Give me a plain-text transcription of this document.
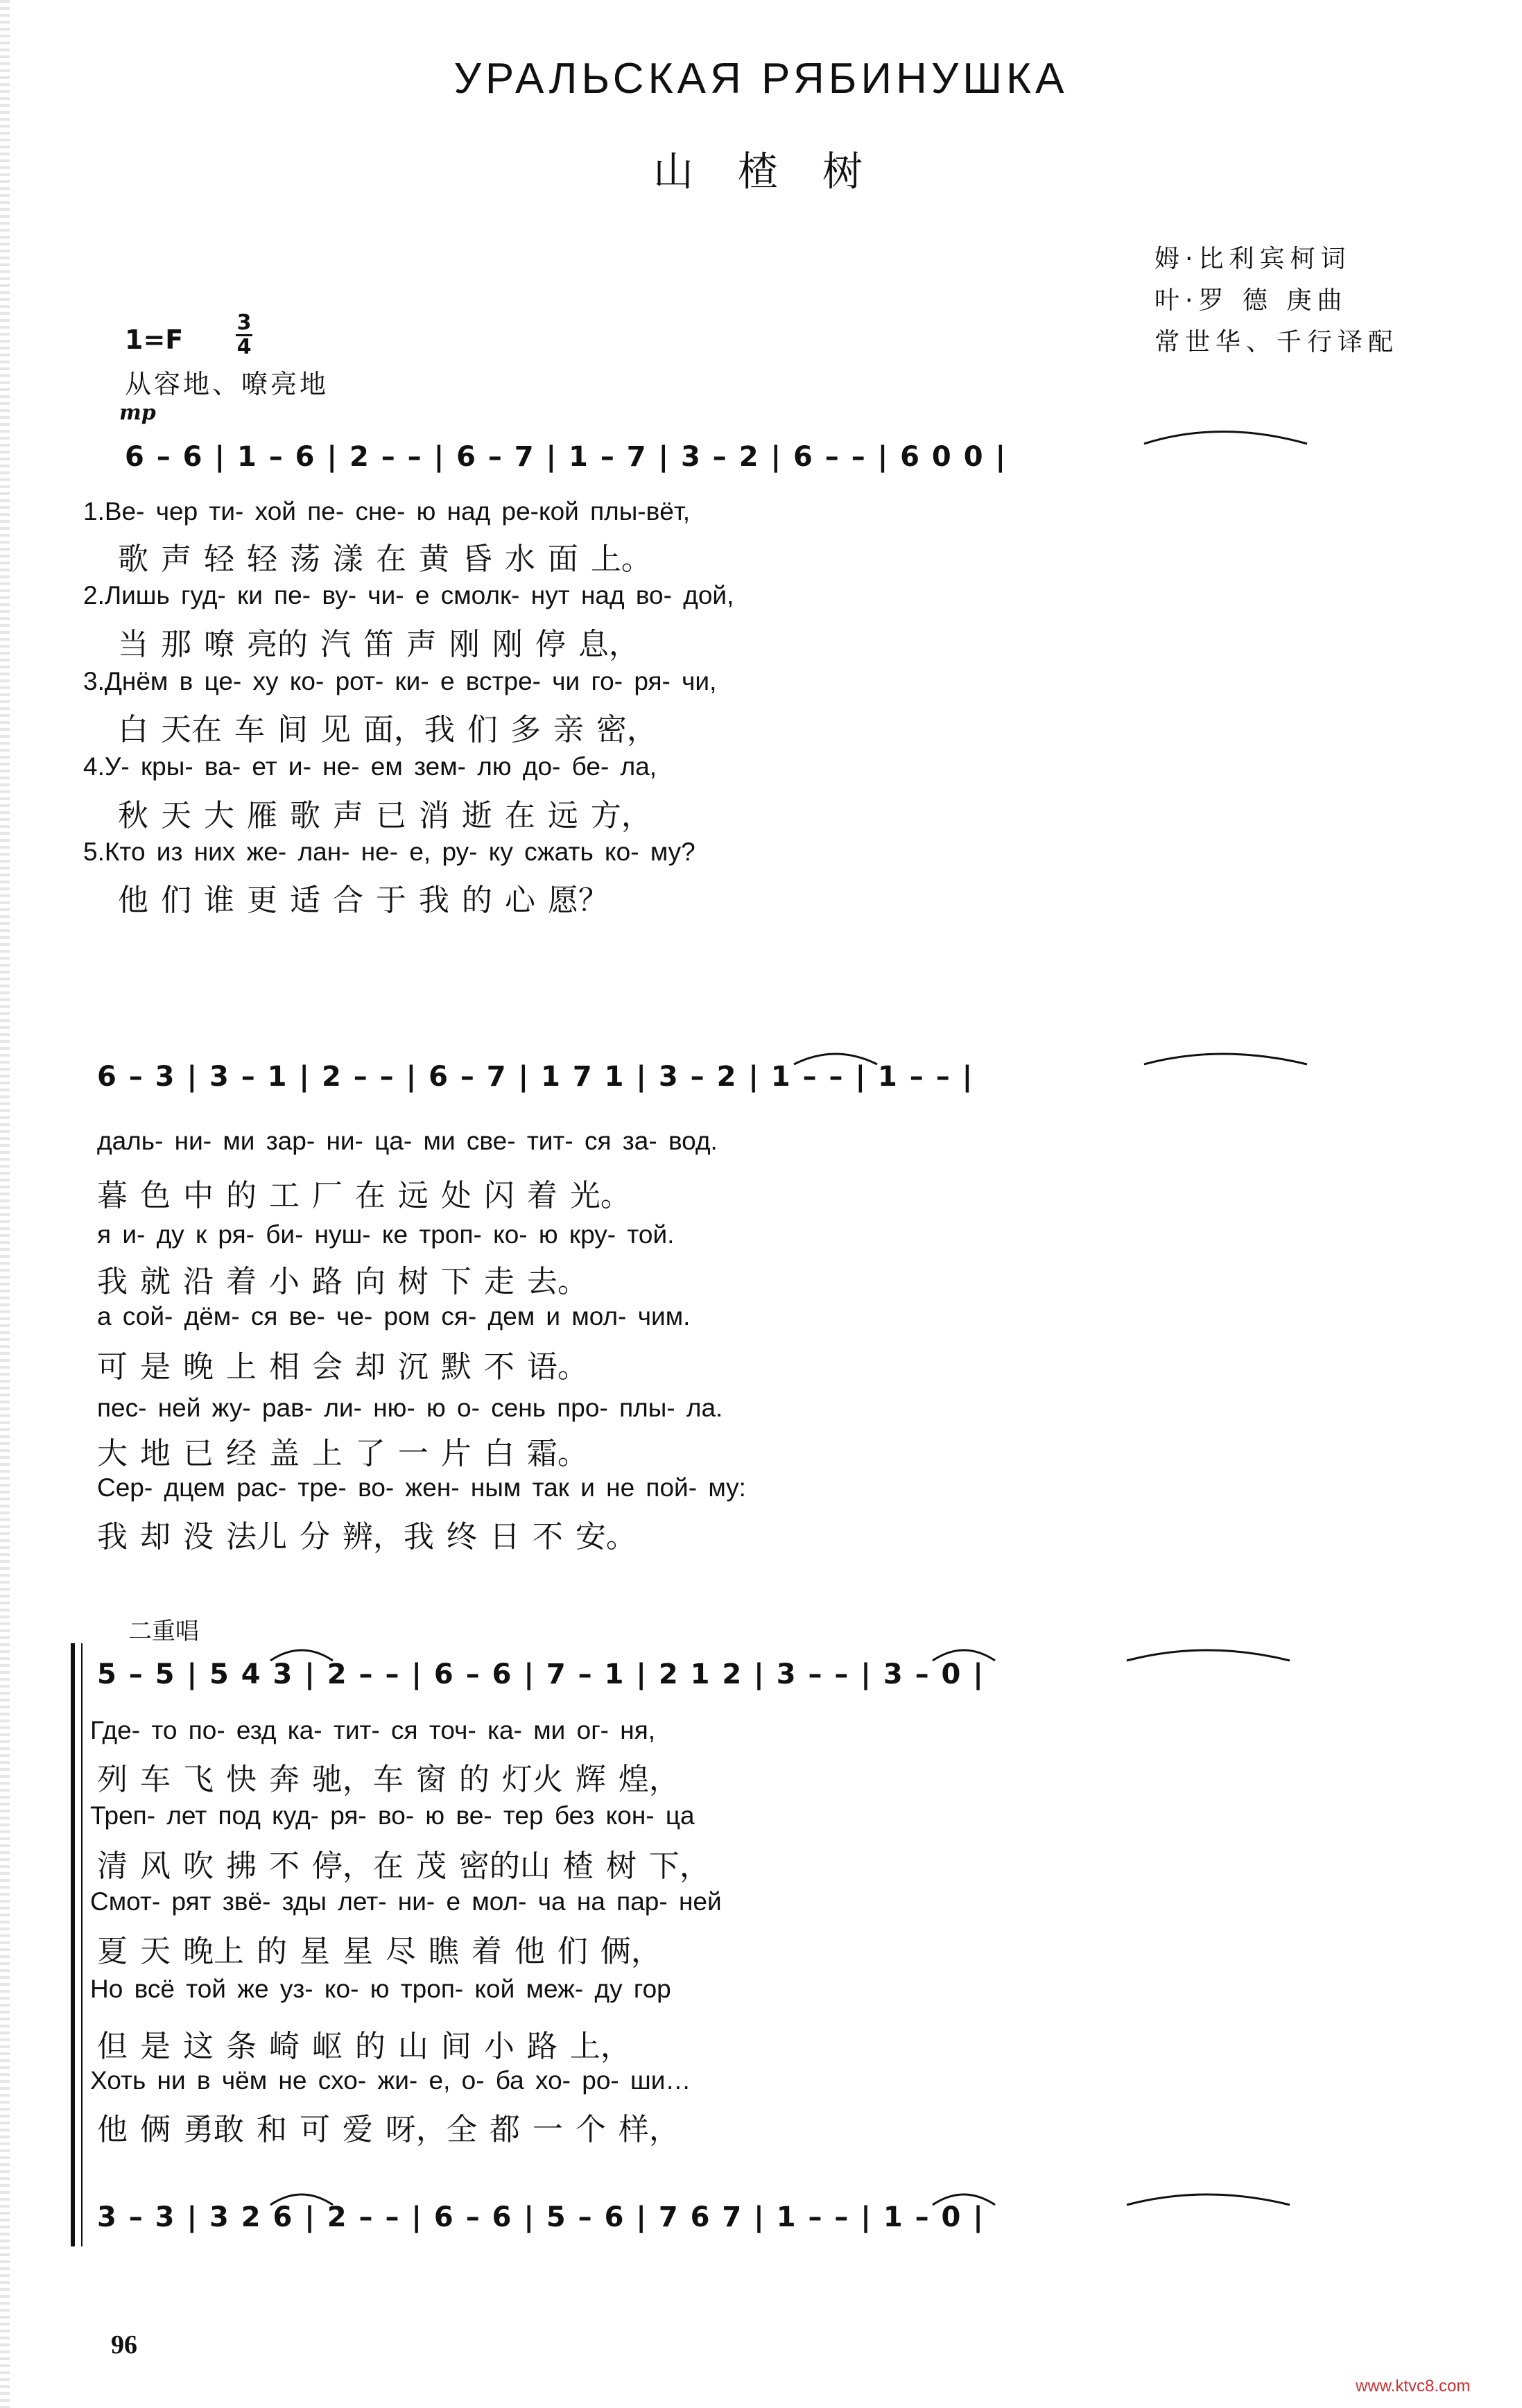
УРАЛЬСКАЯ РЯБИНУШКА
山楂树
姆·比利宾柯词
叶·罗 德 庚曲
常世华、千行译配
1=F
3
4
从容地、嘹亮地
mp
6 – 6 | 1 – 6 | 2 – – | 6 – 7 | 1 – 7 | 3 – 2 | 6 – – | 6 0 0 |
1.Ве- чер ти- хой пе- сне- ю над ре-кой плы-вёт,
歌 声 轻 轻 荡 漾 在 黄 昏 水 面 上。
2.Лишь гуд- ки пе- ву- чи- е смолк- нут над во- дой,
当 那 嘹 亮的 汽 笛 声 刚 刚 停 息，
3.Днём в це- ху ко- рот- ки- е встре- чи го- ря- чи,
白 天在 车 间 见 面，我 们 多 亲 密，
4.У- кры- ва- ет и- не- ем зем- лю до- бе- ла,
秋 天 大 雁 歌 声 已 消 逝 在 远 方，
5.Кто из них же- лан- не- е, ру- ку сжать ко- му?
他 们 谁 更 适 合 于 我 的 心 愿？
6 – 3 | 3 – 1 | 2 – – | 6 – 7 | 1 7 1 | 3 – 2 | 1 – – | 1 – – |
даль- ни- ми зар- ни- ца- ми све- тит- ся за- вод.
暮 色 中 的 工 厂 在 远 处 闪 着 光。
я и- ду к ря- би- нуш- ке троп- ко- ю кру- той.
我 就 沿 着 小 路 向 树 下 走 去。
а сой- дём- ся ве- че- ром ся- дем и мол- чим.
可 是 晚 上 相 会 却 沉 默 不 语。
пес- ней жу- рав- ли- ню- ю о- сень про- плы- ла.
大 地 已 经 盖 上 了 一 片 白 霜。
Сер- дцем рас- тре- во- жен- ным так и не пой- му:
我 却 没 法儿 分 辨，我 终 日 不 安。
二重唱
5 – 5 | 5 4 3 | 2 – – | 6 – 6 | 7 – 1 | 2 1 2 | 3 – – | 3 – 0 |
Где- то по- езд ка- тит- ся точ- ка- ми ог- ня,
列 车 飞 快 奔 驰，车 窗 的 灯火 辉 煌，
Треп- лет под куд- ря- во- ю ве- тер без кон- ца
清 风 吹 拂 不 停，在 茂 密的山 楂 树 下，
Смот- рят звё- зды лет- ни- е мол- ча на пар- ней
夏 天 晚上 的 星 星 尽 瞧 着 他 们 俩，
Но всё той же уз- ко- ю троп- кой меж- ду гор
但 是 这 条 崎 岖 的 山 间 小 路 上，
Хоть ни в чём не схо- жи- е, о- ба хо- ро- ши…
他 俩 勇敢 和 可 爱 呀，全 都 一 个 样，
3 – 3 | 3 2 6 | 2 – – | 6 – 6 | 5 – 6 | 7 6 7 | 1 – – | 1 – 0 |
96
www.ktvc8.com
